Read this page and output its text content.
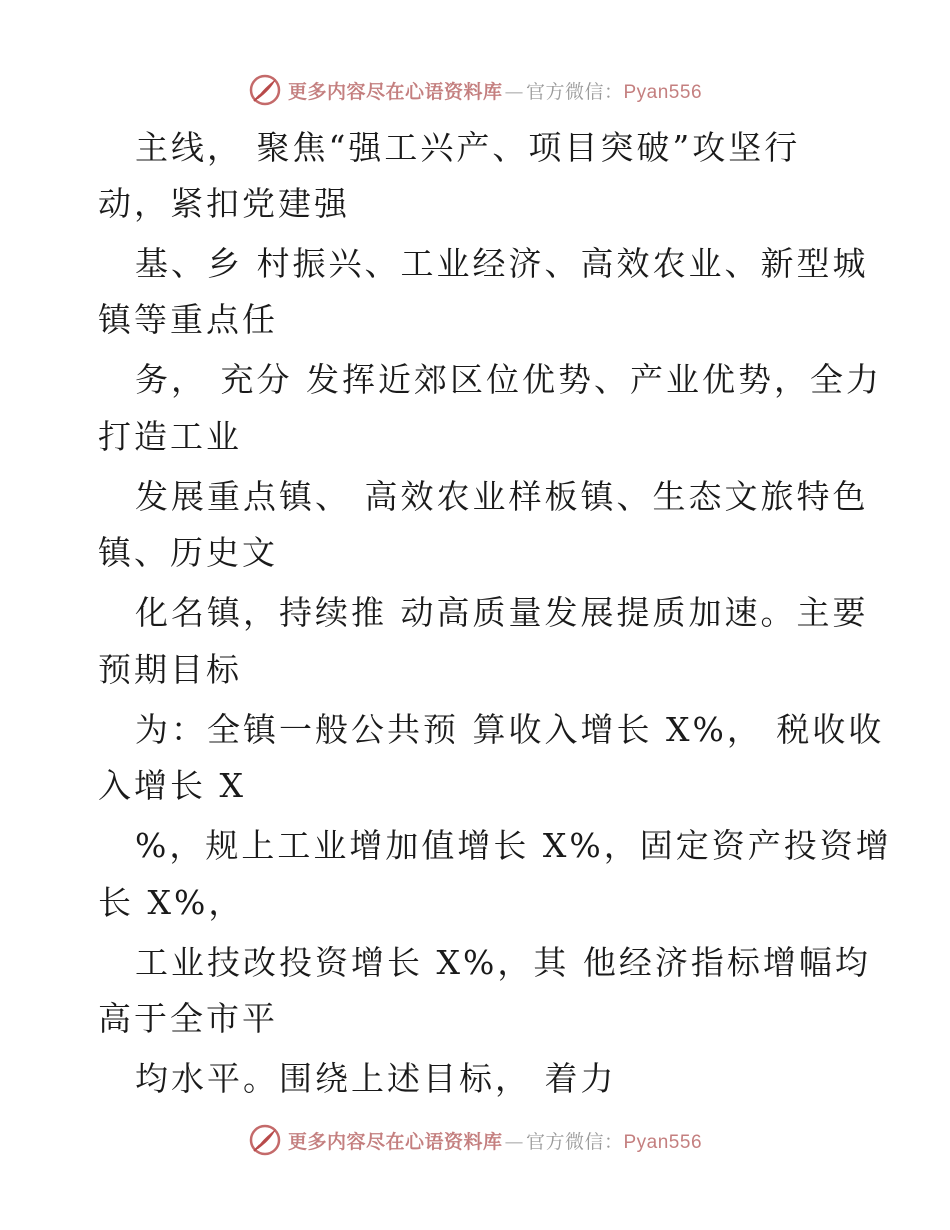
更多内容尽在心语资料库 — 官方微信：Pyan556
主线， 聚焦“强工兴产、项目突破”攻坚行
动，紧扣党建强
基、乡 村振兴、工业经济、高效农业、新型城
镇等重点任
务， 充分 发挥近郊区位优势、产业优势，全力
打造工业
发展重点镇、 高效农业样板镇、生态文旅特色
镇、历史文
化名镇，持续推 动高质量发展提质加速。主要
预期目标
为：全镇一般公共预 算收入增长 X%， 税收收
入增长 X
%，规上工业增加值增长 X%，固定资产投资增
长 X%，
工业技改投资增长 X%，其 他经济指标增幅均
高于全市平
均水平。围绕上述目标， 着力
更多内容尽在心语资料库 — 官方微信：Pyan556
